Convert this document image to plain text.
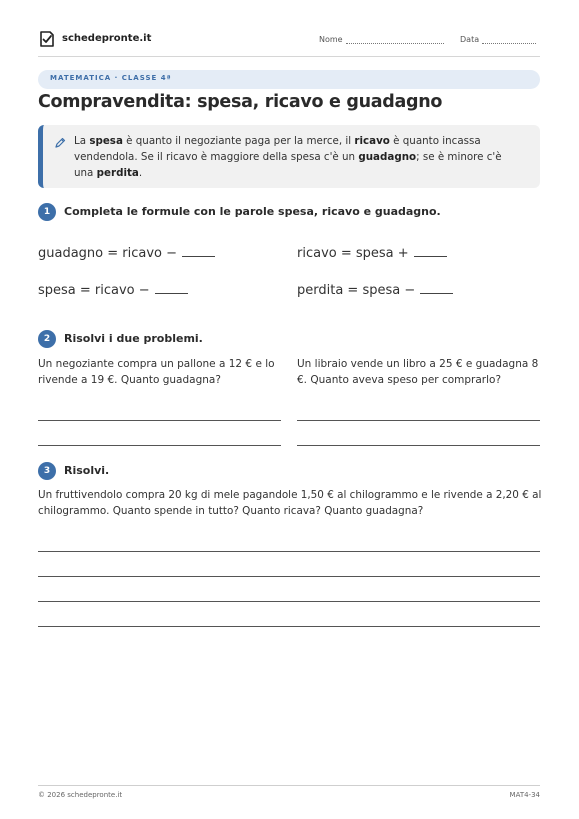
schedepronte.it	Nome	Data
MATEMATICA · CLASSE 4ª
Compravendita: spesa, ricavo e guadagno
La spesa è quanto il negoziante paga per la merce, il ricavo è quanto incassa vendendola. Se il ricavo è maggiore della spesa c'è un guadagno; se è minore c'è una perdita.
1	Completa le formule con le parole spesa, ricavo e guadagno.
guadagno = ricavo −	ricavo = spesa +
spesa = ricavo −	perdita = spesa −
2	Risolvi i due problemi.
Un negoziante compra un pallone a 12 € e lo rivende a 19 €. Quanto guadagna?
Un libraio vende un libro a 25 € e guadagna 8 €. Quanto aveva speso per comprarlo?
3	Risolvi.
Un fruttivendolo compra 20 kg di mele pagandole 1,50 € al chilogrammo e le rivende a 2,20 € al chilogrammo. Quanto spende in tutto? Quanto ricava? Quanto guadagna?
© 2026 schedepronte.it	MAT4-34
